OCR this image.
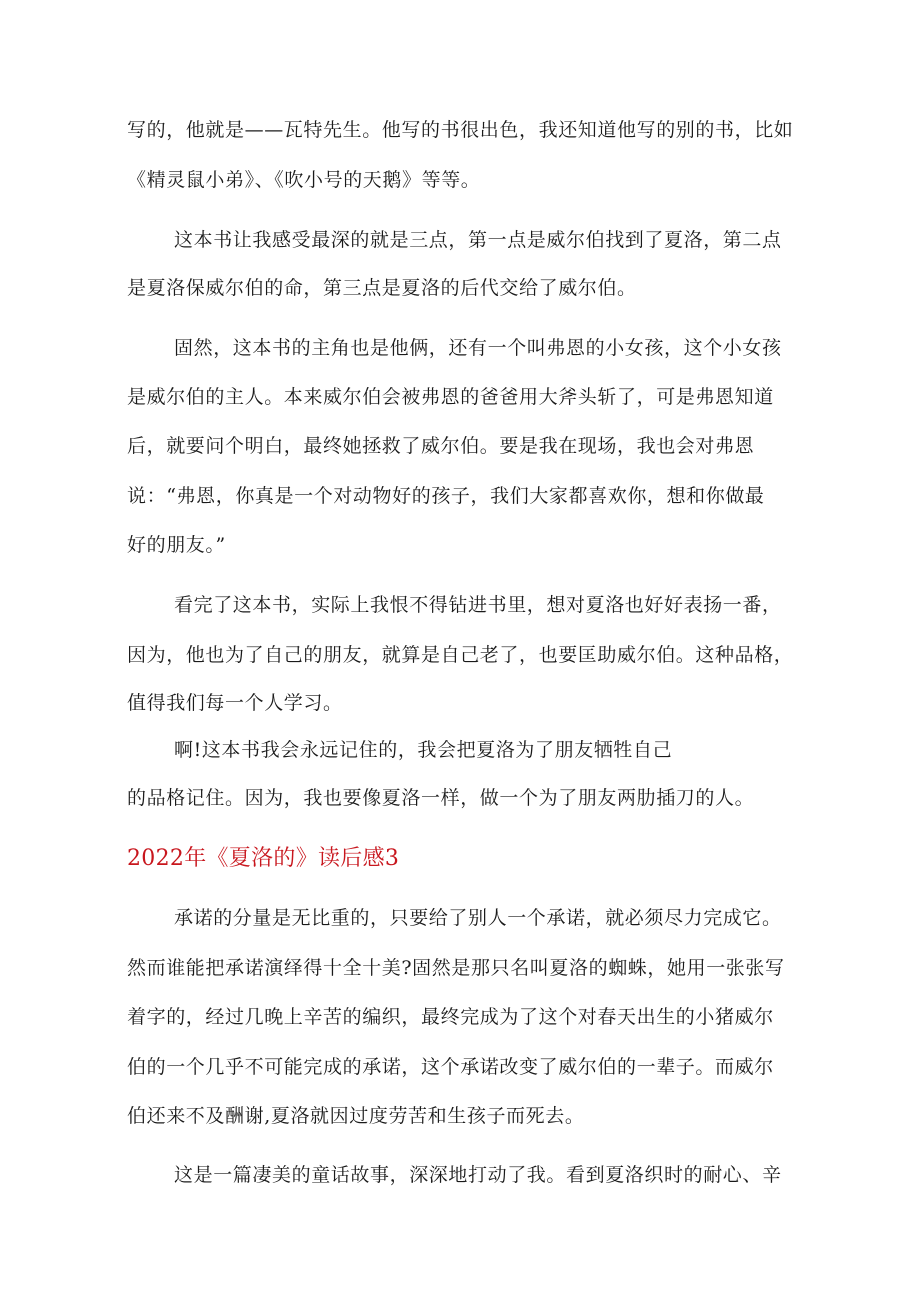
写的，他就是——瓦特先生。他写的书很出色，我还知道他写的别的书，比如
《精灵鼠小弟》、《吹小号的天鹅》等等。
这本书让我感受最深的就是三点，第一点是威尔伯找到了夏洛，第二点
是夏洛保威尔伯的命，第三点是夏洛的后代交给了威尔伯。
固然，这本书的主角也是他俩，还有一个叫弗恩的小女孩，这个小女孩
是威尔伯的主人。本来威尔伯会被弗恩的爸爸用大斧头斩了，可是弗恩知道
后，就要问个明白，最终她拯救了威尔伯。要是我在现场，我也会对弗恩
说：“弗恩，你真是一个对动物好的孩子，我们大家都喜欢你，想和你做最
好的朋友。”
看完了这本书，实际上我恨不得钻进书里，想对夏洛也好好表扬一番，
因为，他也为了自己的朋友，就算是自己老了，也要匡助威尔伯。这种品格，
值得我们每一个人学习。
啊!这本书我会永远记住的，我会把夏洛为了朋友牺牲自己
的品格记住。因为，我也要像夏洛一样，做一个为了朋友两肋插刀的人。
2022年《夏洛的》读后感3
承诺的分量是无比重的，只要给了别人一个承诺，就必须尽力完成它。
然而谁能把承诺演绎得十全十美?固然是那只名叫夏洛的蜘蛛，她用一张张写
着字的，经过几晚上辛苦的编织，最终完成为了这个对春天出生的小猪威尔
伯的一个几乎不可能完成的承诺，这个承诺改变了威尔伯的一辈子。而威尔
伯还来不及酬谢,夏洛就因过度劳苦和生孩子而死去。
这是一篇凄美的童话故事，深深地打动了我。看到夏洛织时的耐心、辛
